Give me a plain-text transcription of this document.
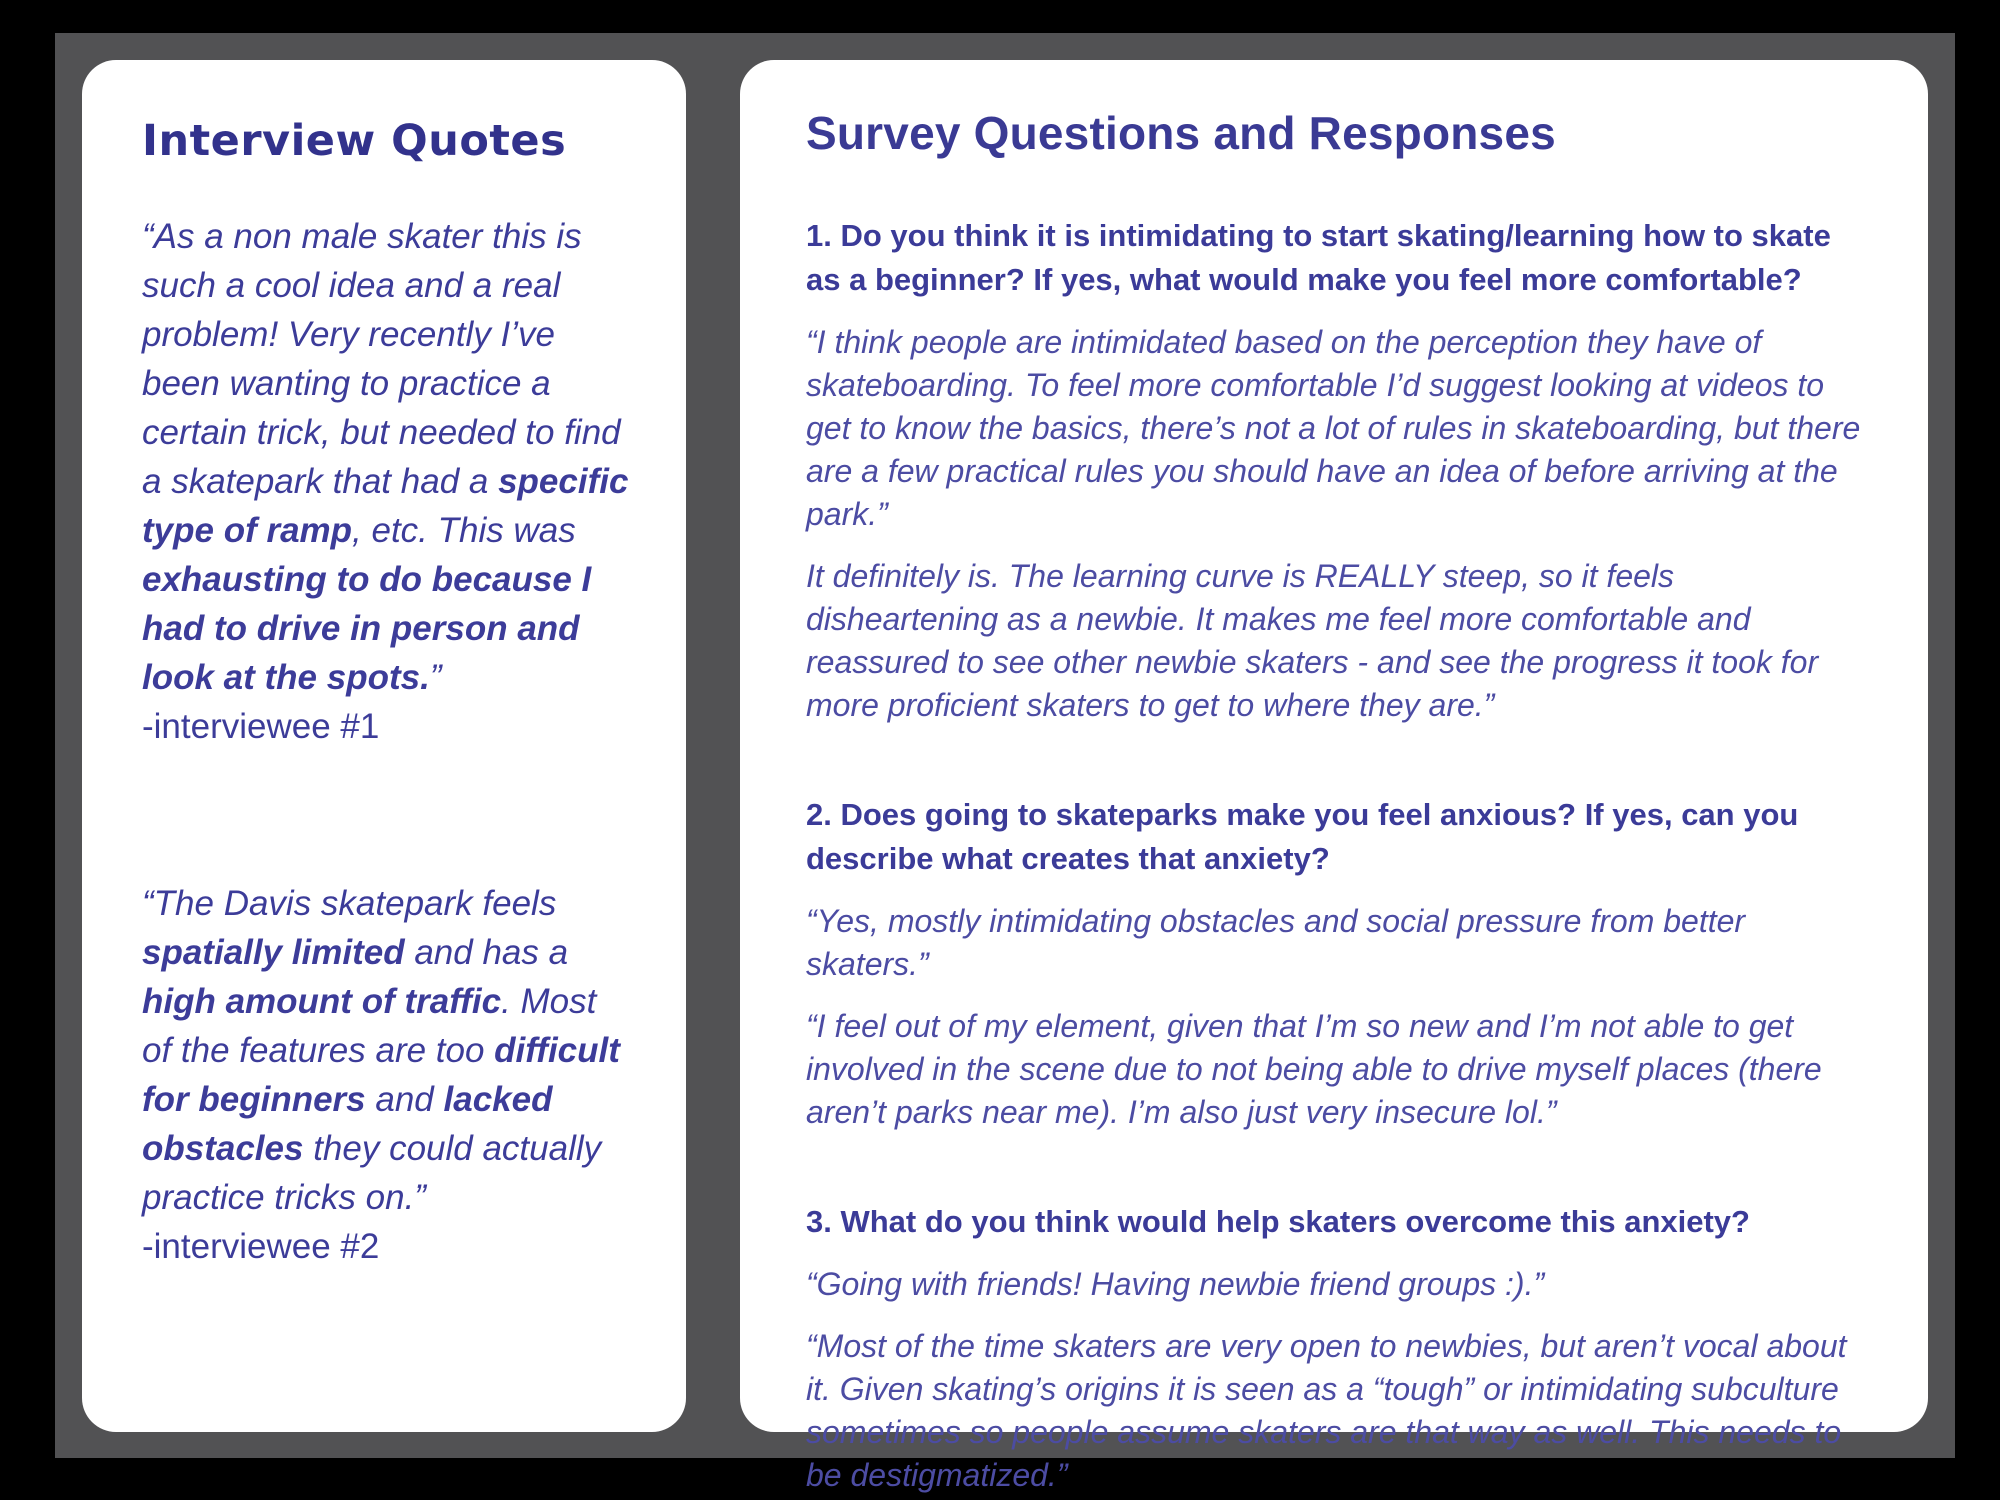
Interview Quotes
“As a non male skater this is such a cool idea and a real problem! Very recently I’ve been wanting to practice a certain trick, but needed to find a skatepark that had a specific type of ramp, etc. This was exhausting to do because I had to drive in person and look at the spots.”
-interviewee #1
“The Davis skatepark feels spatially limited and has a high amount of traffic. Most of the features are too difficult for beginners and lacked obstacles they could actually practice tricks on.”
-interviewee #2
Survey Questions and Responses

1. Do you think it is intimidating to start skating/learning how to skate as a beginner? If yes, what would make you feel more comfortable?

“I think people are intimidated based on the perception they have of skateboarding. To feel more comfortable I’d suggest looking at videos to get to know the basics, there’s not a lot of rules in skateboarding, but there are a few practical rules you should have an idea of before arriving at the park.”

It definitely is. The learning curve is REALLY steep, so it feels disheartening as a newbie. It makes me feel more comfortable and reassured to see other newbie skaters - and see the progress it took for more proficient skaters to get to where they are.”

2. Does going to skateparks make you feel anxious? If yes, can you describe what creates that anxiety?

“Yes, mostly intimidating obstacles and social pressure from better skaters.”

“I feel out of my element, given that I’m so new and I’m not able to get involved in the scene due to not being able to drive myself places (there aren’t parks near me). I’m also just very insecure lol.”

3. What do you think would help skaters overcome this anxiety?

“Going with friends! Having newbie friend groups :).”

“Most of the time skaters are very open to newbies, but aren’t vocal about it. Given skating’s origins it is seen as a “tough” or intimidating subculture sometimes so people assume skaters are that way as well. This needs to be destigmatized.”
